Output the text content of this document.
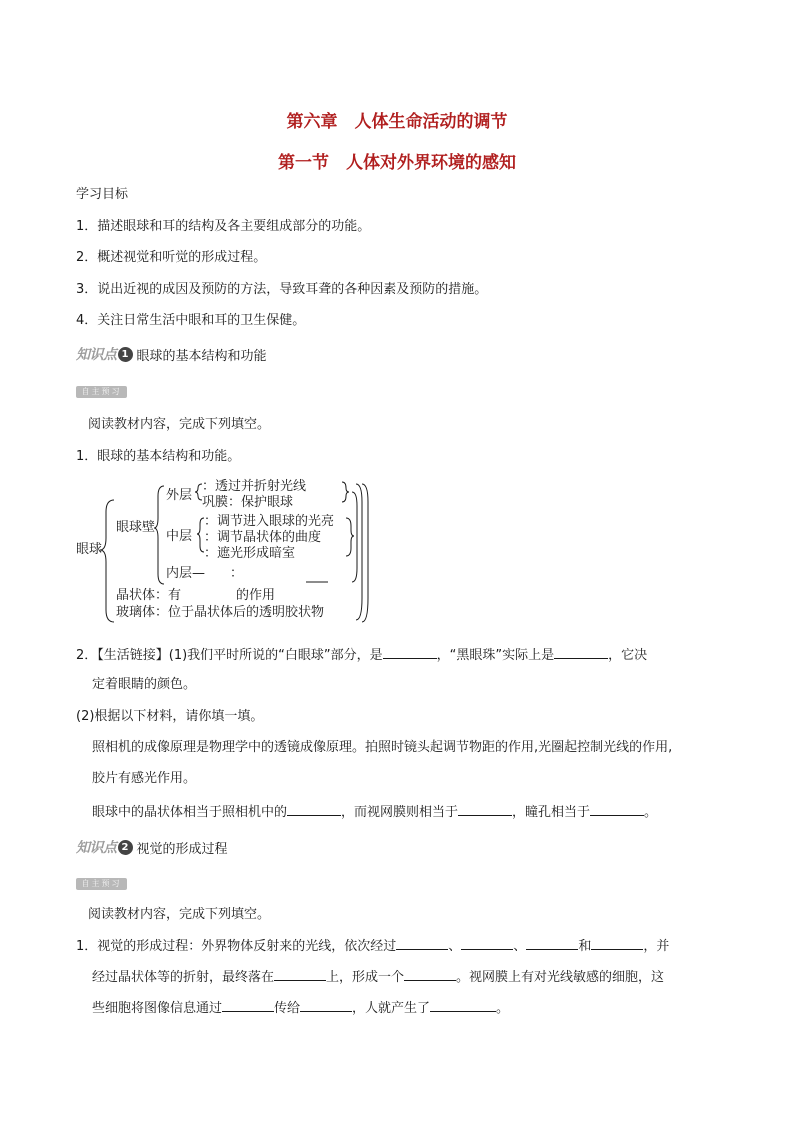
第六章　人体生命活动的调节
第一节　人体对外界环境的感知
学习目标
1．描述眼球和耳的结构及各主要组成部分的功能。
2．概述视觉和听觉的形成过程。
3．说出近视的成因及预防的方法，导致耳聋的各种因素及预防的措施。
4．关注日常生活中眼和耳的卫生保健。
知识点 1 眼球的基本结构和功能
自主预习
阅读教材内容，完成下列填空。
1．眼球的基本结构和功能。
眼球
眼球壁
外层
：透过并折射光线
巩膜：保护眼球
中层
：调节进入眼球的光亮
：调节晶状体的曲度
：遮光形成暗室
内层— ：
晶状体：有	的作用
玻璃体：位于晶状体后的透明胶状物
2．【生活链接】(1)我们平时所说的“白眼球”部分，是	，“黑眼珠”实际上是	，它决
定着眼睛的颜色。
(2)根据以下材料，请你填一填。
照相机的成像原理是物理学中的透镜成像原理。拍照时镜头起调节物距的作用,光圈起控制光线的作用,
胶片有感光作用。
眼球中的晶状体相当于照相机中的	，而视网膜则相当于	，瞳孔相当于	。
知识点 2 视觉的形成过程
自主预习
阅读教材内容，完成下列填空。
1．视觉的形成过程：外界物体反射来的光线，依次经过	、	、	和	，并
经过晶状体等的折射，最终落在	上，形成一个	。视网膜上有对光线敏感的细胞，这
些细胞将图像信息通过	传给	，人就产生了	。
